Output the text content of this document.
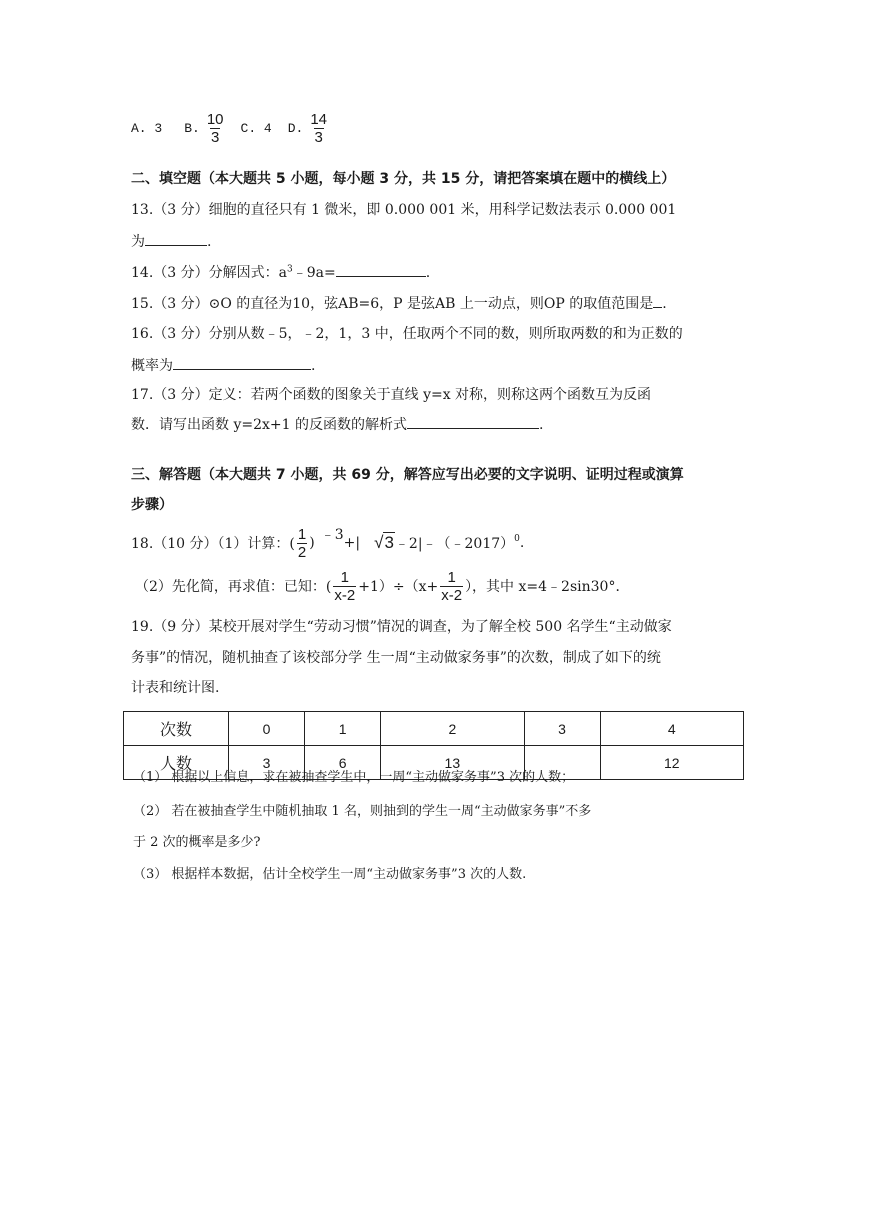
A. 3 B. $\frac{10}{3} C$. 4 D. $\frac{14}{3}$
二、填空题（本大题共 5 小题，每小题 3 分，共 15 分，请把答案填在题中的横线上）
13.（3 分）细胞的直径只有 1 微米，即 0.000 001 米，用科学记数法表示 0.000 001
为	.
14.（3 分）分解因式：$a^3﹣9a=$	.
15.（3 分）⊙O 的直径为10，弦AB=6，P 是弦AB 上一动点，则OP 的取值范围是 .
16.（3 分）分别从数﹣5，﹣2，1，3 中，任取两个不同的数，则所取两数的和为正数的
概率为	.
17.（3 分）定义：若两个函数的图象关于直线 y=x 对称，则称这两个函数互为反函
数．请写出函数 y=2x+1 的反函数的解析式	.
三、解答题（本大题共 7 小题，共 69 分，解答应写出必要的文字说明、证明过程或演算
步骤）
18.（10 分）（1）计算：( $\frac{1}{2}$ ) ﹣3 +| √3 ﹣2|﹣（﹣2017）$^0$ .
（2）先化简，再求值：已知：( $\frac{1}{x-2} +1)\div(x+ \frac{1}{x-2}$ ），其中 x=4﹣2sin30°．
19.（9 分）某校开展对学生“劳动习惯”情况的调查，为了解全校 500 名学生“主动做家
务事”的情况，随机抽查了该校部分学 生一周“主动做家务事”的次数，制成了如下的统
计表和统计图.
次数	0	1	2	3	4
人数	3	6	13		12
（1） 根据以上信息，求在被抽查学生中，一周“主动做家务事”3 次的人数；
（2） 若在被抽查学生中随机抽取 1 名，则抽到的学生一周“主动做家务事”不多
于 2 次的概率是多少?
（3） 根据样本数据，估计全校学生一周“主动做家务事”3 次的人数.
